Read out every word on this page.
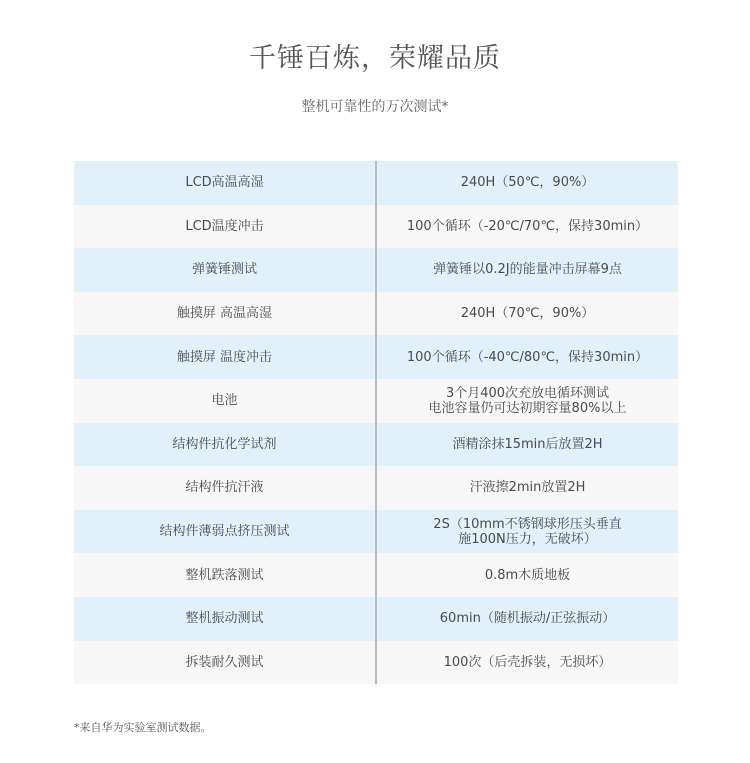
千锤百炼，荣耀品质
整机可靠性的万次测试*
LCD高温高湿	240H（50℃，90%）
LCD温度冲击	100个循环（-20℃/70℃，保持30min）
弹簧锤测试	弹簧锤以0.2J的能量冲击屏幕9点
触摸屏 高温高湿	240H（70℃，90%）
触摸屏 温度冲击	100个循环（-40℃/80℃，保持30min）
电池	3个月400次充放电循环测试
电池容量仍可达初期容量80%以上
结构件抗化学试剂	酒精涂抹15min后放置2H
结构件抗汗液	汗液擦2min放置2H
结构件薄弱点挤压测试	2S（10mm不锈钢球形压头垂直
施100N压力，无破坏）
整机跌落测试	0.8m木质地板
整机振动测试	60min（随机振动/正弦振动）
拆装耐久测试	100次（后壳拆装，无损坏）
*来自华为实验室测试数据。
